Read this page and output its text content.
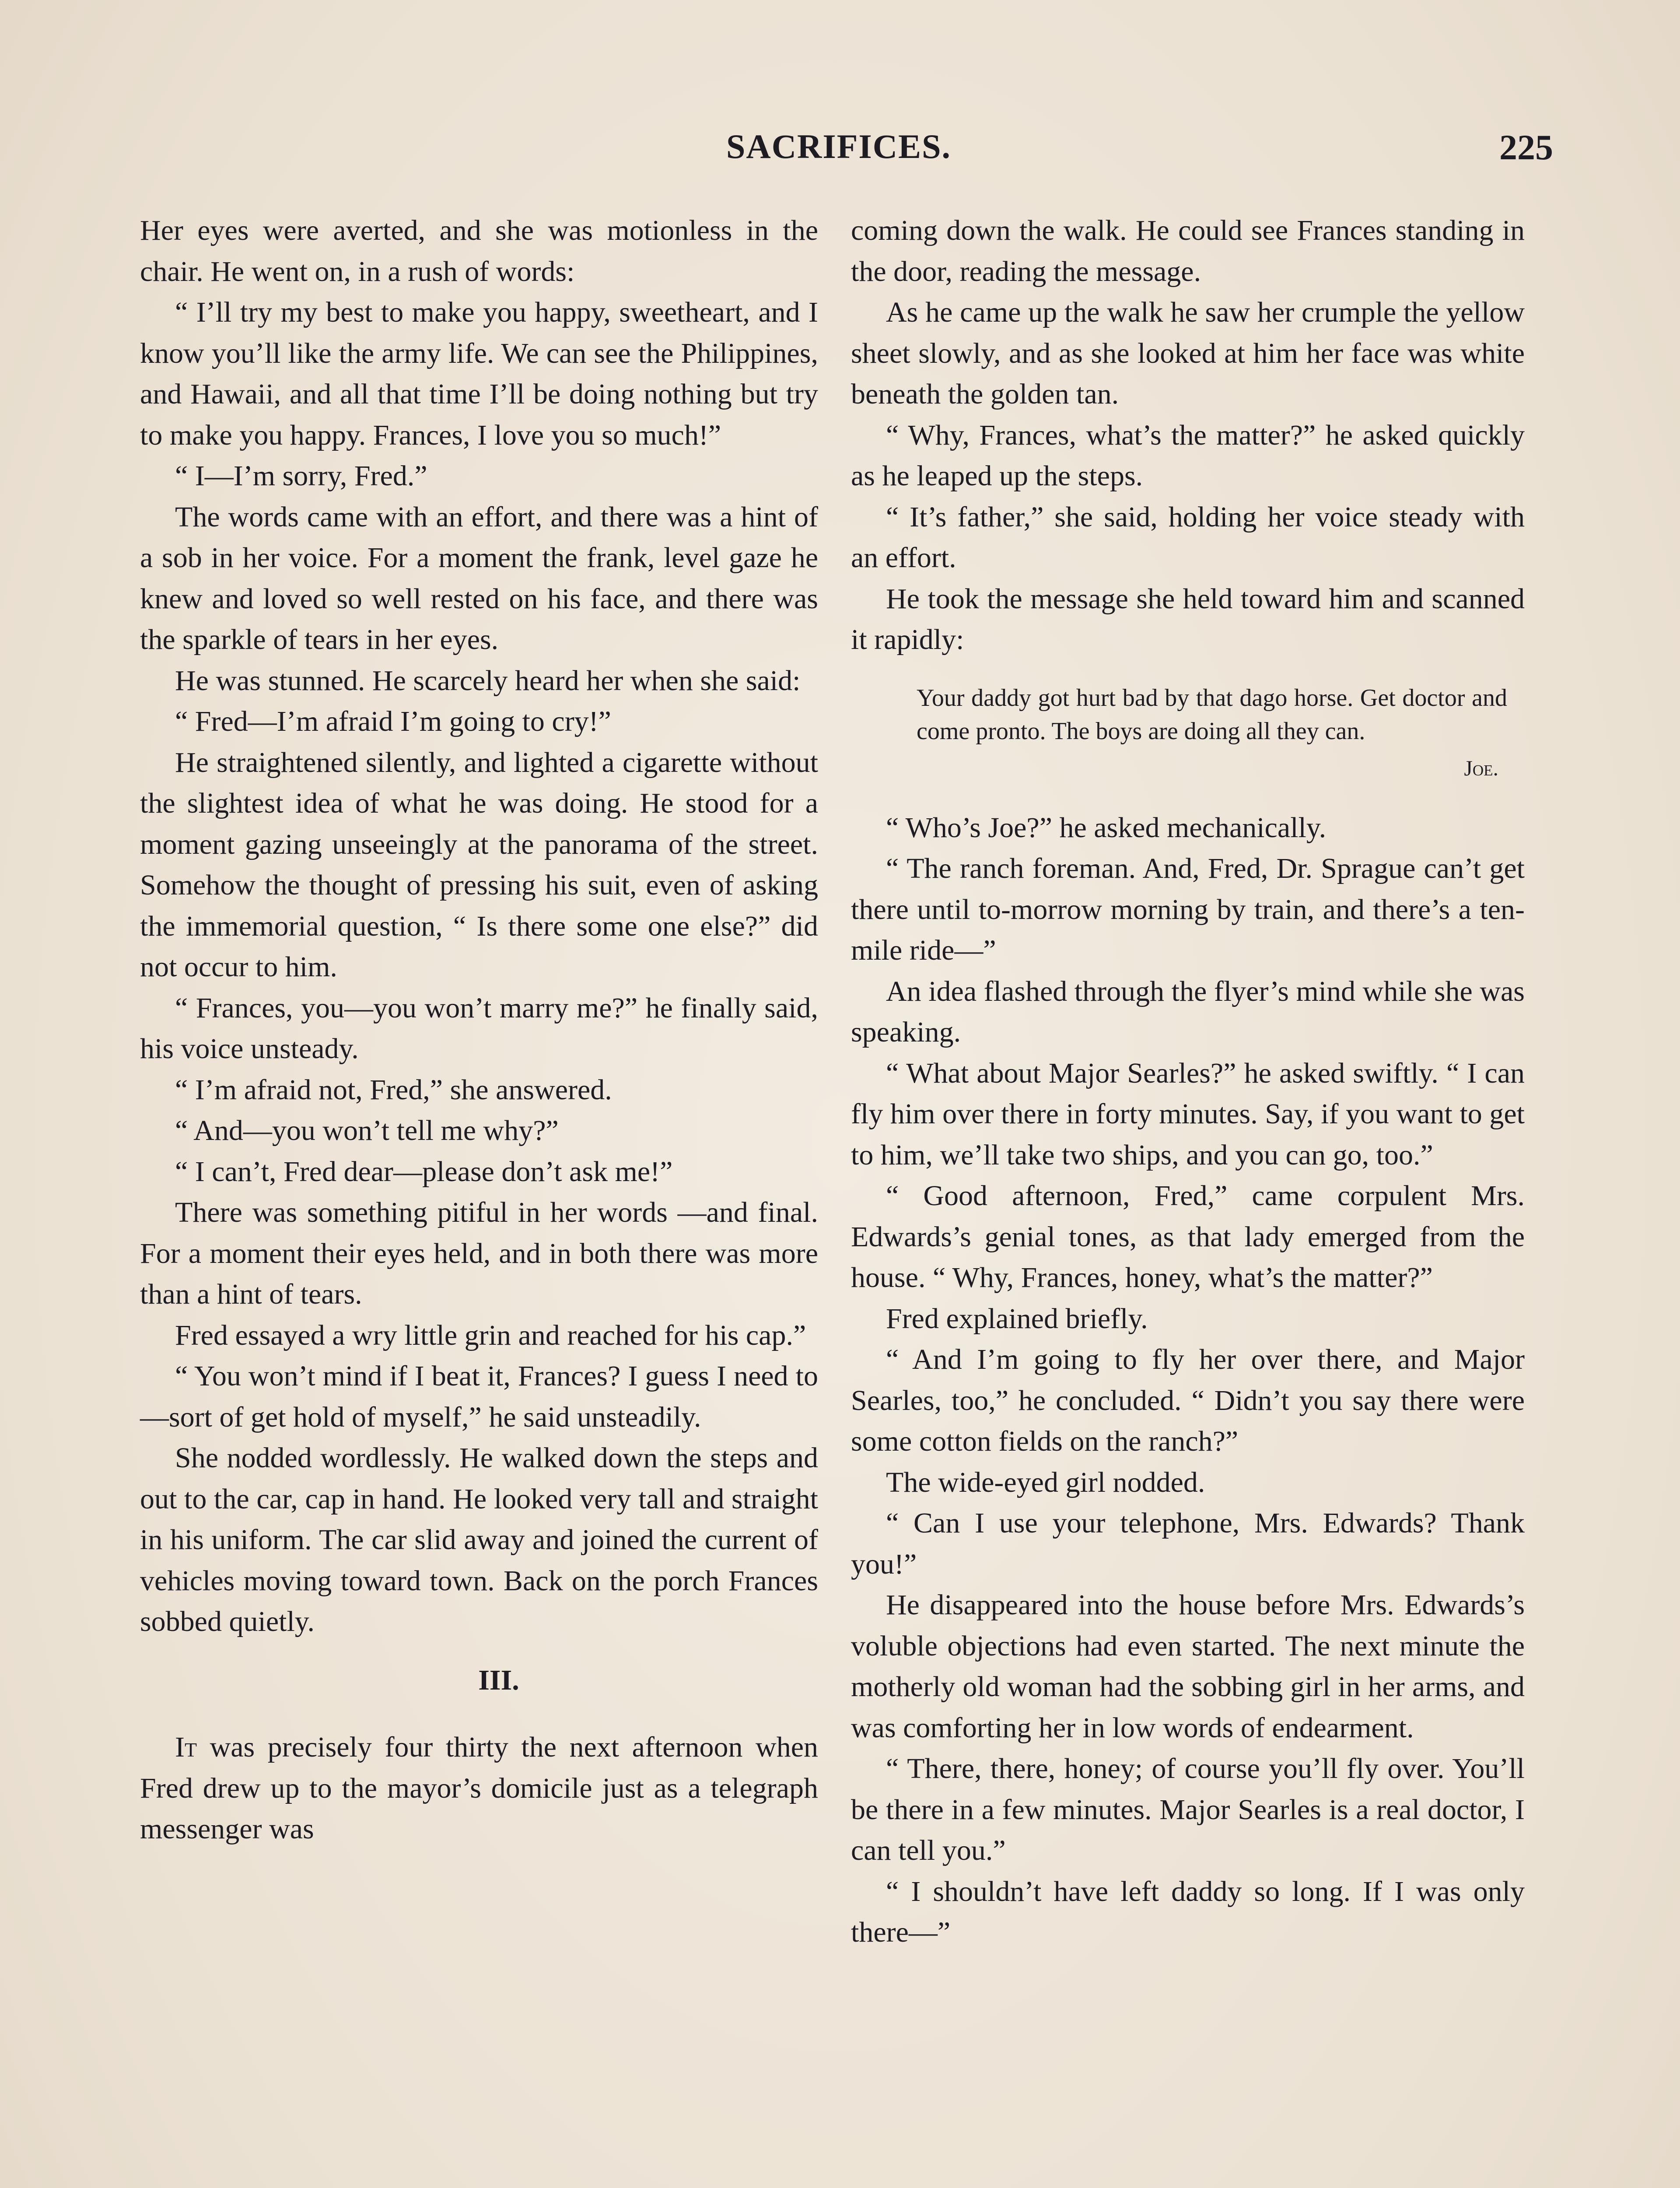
SACRIFICES.	225

Her eyes were averted, and she was motionless in the chair. He went on, in a rush of words:

“ I’ll try my best to make you happy, sweetheart, and I know you’ll like the army life. We can see the Philippines, and Hawaii, and all that time I’ll be doing nothing but try to make you happy. Frances, I love you so much!”

“ I—I’m sorry, Fred.”

The words came with an effort, and there was a hint of a sob in her voice. For a moment the frank, level gaze he knew and loved so well rested on his face, and there was the sparkle of tears in her eyes.

He was stunned. He scarcely heard her when she said:

“ Fred—I’m afraid I’m going to cry!”

He straightened silently, and lighted a cigarette without the slightest idea of what he was doing. He stood for a moment gazing unseeingly at the panorama of the street. Somehow the thought of pressing his suit, even of asking the immemorial question, “ Is there some one else?” did not occur to him.

“ Frances, you—you won’t marry me?” he finally said, his voice unsteady.

“ I’m afraid not, Fred,” she answered.

“ And—you won’t tell me why?”

“ I can’t, Fred dear—please don’t ask me!”

There was something pitiful in her words —and final. For a moment their eyes held, and in both there was more than a hint of tears.

Fred essayed a wry little grin and reached for his cap.”

“ You won’t mind if I beat it, Frances? I guess I need to—sort of get hold of myself,” he said unsteadily.

She nodded wordlessly. He walked down the steps and out to the car, cap in hand. He looked very tall and straight in his uniform. The car slid away and joined the current of vehicles moving toward town. Back on the porch Frances sobbed quietly.

III.

It was precisely four thirty the next afternoon when Fred drew up to the mayor’s domicile just as a telegraph messenger was

coming down the walk. He could see Frances standing in the door, reading the message.

As he came up the walk he saw her crumple the yellow sheet slowly, and as she looked at him her face was white beneath the golden tan.

“ Why, Frances, what’s the matter?” he asked quickly as he leaped up the steps.

“ It’s father,” she said, holding her voice steady with an effort.

He took the message she held toward him and scanned it rapidly:

Your daddy got hurt bad by that dago horse. Get doctor and come pronto. The boys are doing all they can.

Joe.

“ Who’s Joe?” he asked mechanically.

“ The ranch foreman. And, Fred, Dr. Sprague can’t get there until to-morrow morning by train, and there’s a ten-mile ride—”

An idea flashed through the flyer’s mind while she was speaking.

“ What about Major Searles?” he asked swiftly. “ I can fly him over there in forty minutes. Say, if you want to get to him, we’ll take two ships, and you can go, too.”

“ Good afternoon, Fred,” came corpulent Mrs. Edwards’s genial tones, as that lady emerged from the house. “ Why, Frances, honey, what’s the matter?”

Fred explained briefly.

“ And I’m going to fly her over there, and Major Searles, too,” he concluded. “ Didn’t you say there were some cotton fields on the ranch?”

The wide-eyed girl nodded.

“ Can I use your telephone, Mrs. Edwards? Thank you!”

He disappeared into the house before Mrs. Edwards’s voluble objections had even started. The next minute the motherly old woman had the sobbing girl in her arms, and was comforting her in low words of endearment.

“ There, there, honey; of course you’ll fly over. You’ll be there in a few minutes. Major Searles is a real doctor, I can tell you.”

“ I shouldn’t have left daddy so long. If I was only there—”
